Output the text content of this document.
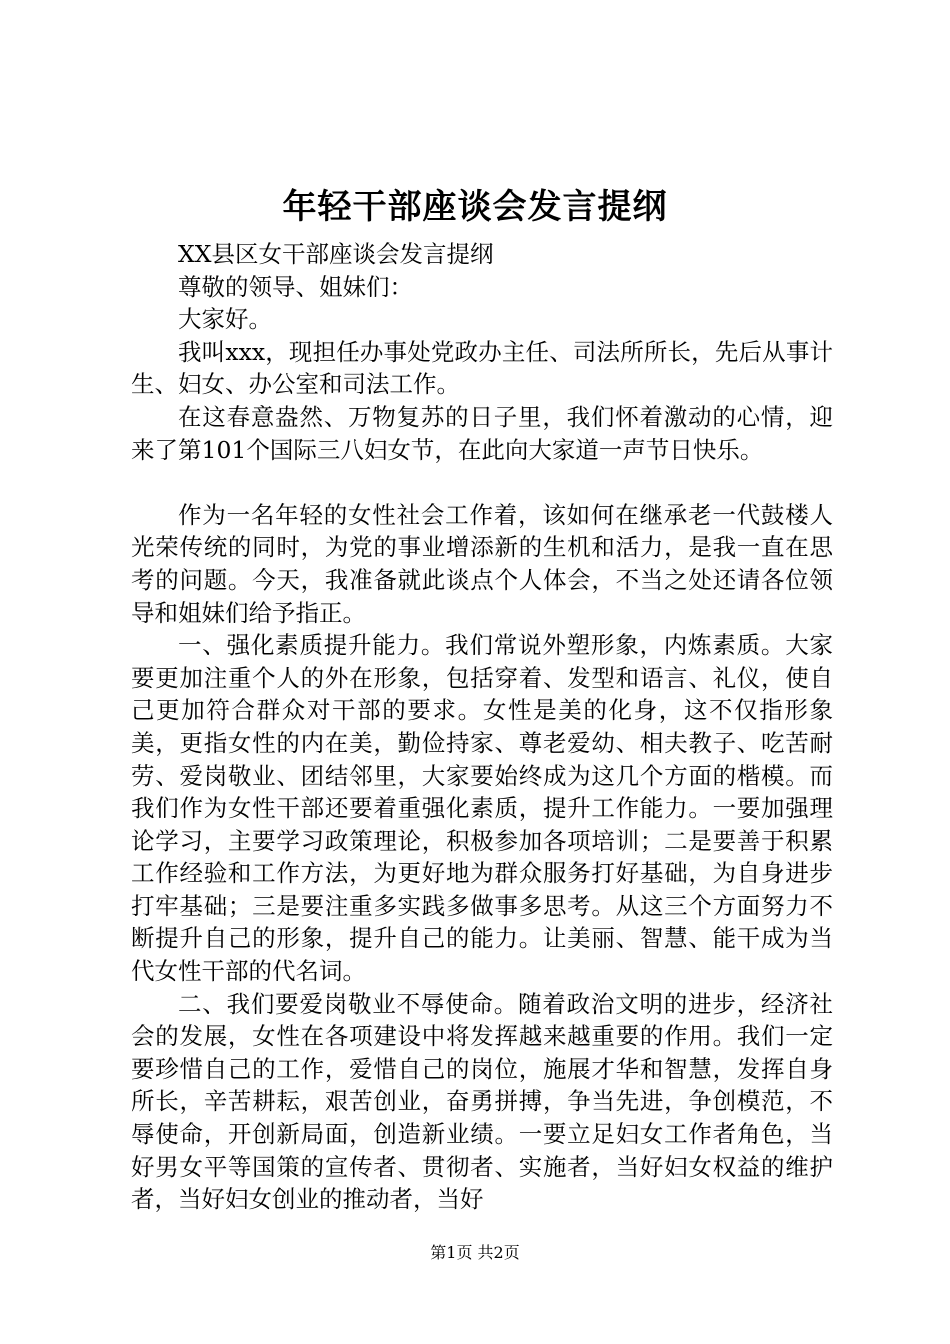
年轻干部座谈会发言提纲

XX县区女干部座谈会发言提纲

尊敬的领导、姐妹们：

大家好。

我叫xxx，现担任办事处党政办主任、司法所所长，先后从事计生、妇女、办公室和司法工作。

在这春意盎然、万物复苏的日子里，我们怀着激动的心情，迎来了第101个国际三八妇女节，在此向大家道一声节日快乐。

作为一名年轻的女性社会工作着，该如何在继承老一代鼓楼人光荣传统的同时，为党的事业增添新的生机和活力，是我一直在思考的问题。今天，我准备就此谈点个人体会，不当之处还请各位领导和姐妹们给予指正。

一、强化素质提升能力。我们常说外塑形象，内炼素质。大家要更加注重个人的外在形象，包括穿着、发型和语言、礼仪，使自己更加符合群众对干部的要求。女性是美的化身，这不仅指形象美，更指女性的内在美，勤俭持家、尊老爱幼、相夫教子、吃苦耐劳、爱岗敬业、团结邻里，大家要始终成为这几个方面的楷模。而我们作为女性干部还要着重强化素质，提升工作能力。一要加强理论学习，主要学习政策理论，积极参加各项培训；二是要善于积累工作经验和工作方法，为更好地为群众服务打好基础，为自身进步打牢基础；三是要注重多实践多做事多思考。从这三个方面努力不断提升自己的形象，提升自己的能力。让美丽、智慧、能干成为当代女性干部的代名词。

二、我们要爱岗敬业不辱使命。随着政治文明的进步，经济社会的发展，女性在各项建设中将发挥越来越重要的作用。我们一定要珍惜自己的工作，爱惜自己的岗位，施展才华和智慧，发挥自身所长，辛苦耕耘，艰苦创业，奋勇拼搏，争当先进，争创模范，不辱使命，开创新局面，创造新业绩。一要立足妇女工作者角色，当好男女平等国策的宣传者、贯彻者、实施者，当好妇女权益的维护者，当好妇女创业的推动者，当好

第1页 共2页
